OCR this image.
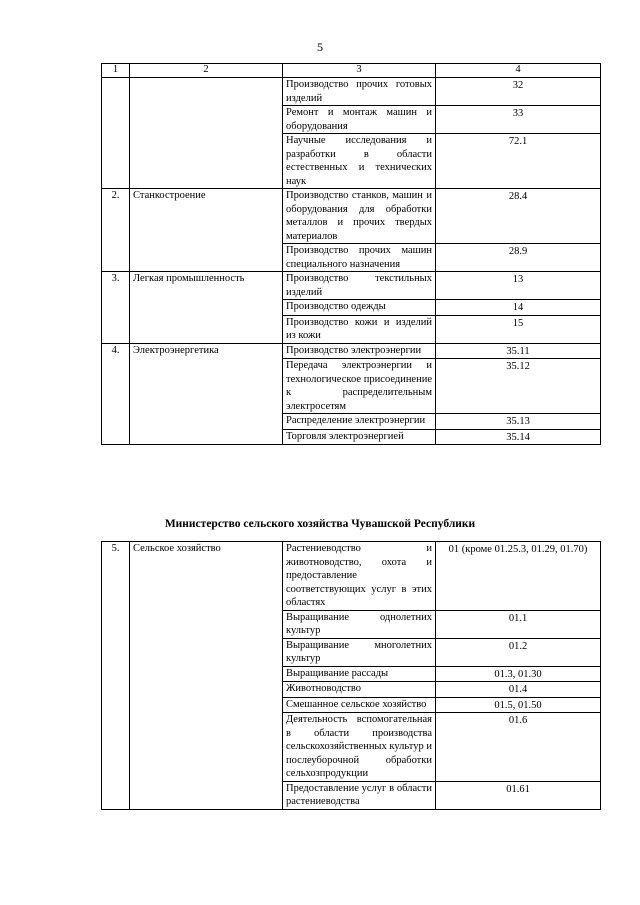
5
1	2	3	4
		Производство прочих готовых изделий	32
		Ремонт и монтаж машин и оборудования	33
		Научные исследования и разработки в области естественных и технических наук	72.1
2.	Станкостроение	Производство станков, машин и оборудования для обработки металлов и прочих твердых материалов	28.4
		Производство прочих машин специального назначения	28.9
3.	Легкая промышленность	Производство текстильных изделий	13
		Производство одежды	14
		Производство кожи и изделий из кожи	15
4.	Электроэнергетика	Производство электроэнергии	35.11
		Передача электроэнергии и технологическое присоединение к распределительным электросетям	35.12
		Распределение электроэнергии	35.13
		Торговля электроэнергией	35.14
Министерство сельского хозяйства Чувашской Республики
5.	Сельское хозяйство	Растениеводство и животноводство, охота и предоставление соответствующих услуг в этих областях	01 (кроме 01.25.3, 01.29, 01.70)
		Выращивание однолетних культур	01.1
		Выращивание многолетних культур	01.2
		Выращивание рассады	01.3, 01.30
		Животноводство	01.4
		Смешанное сельское хозяйство	01.5, 01.50
		Деятельность вспомогательная в области производства сельскохозяйственных культур и послеуборочной обработки сельхозпродукции	01.6
		Предоставление услуг в области растениеводства	01.61
